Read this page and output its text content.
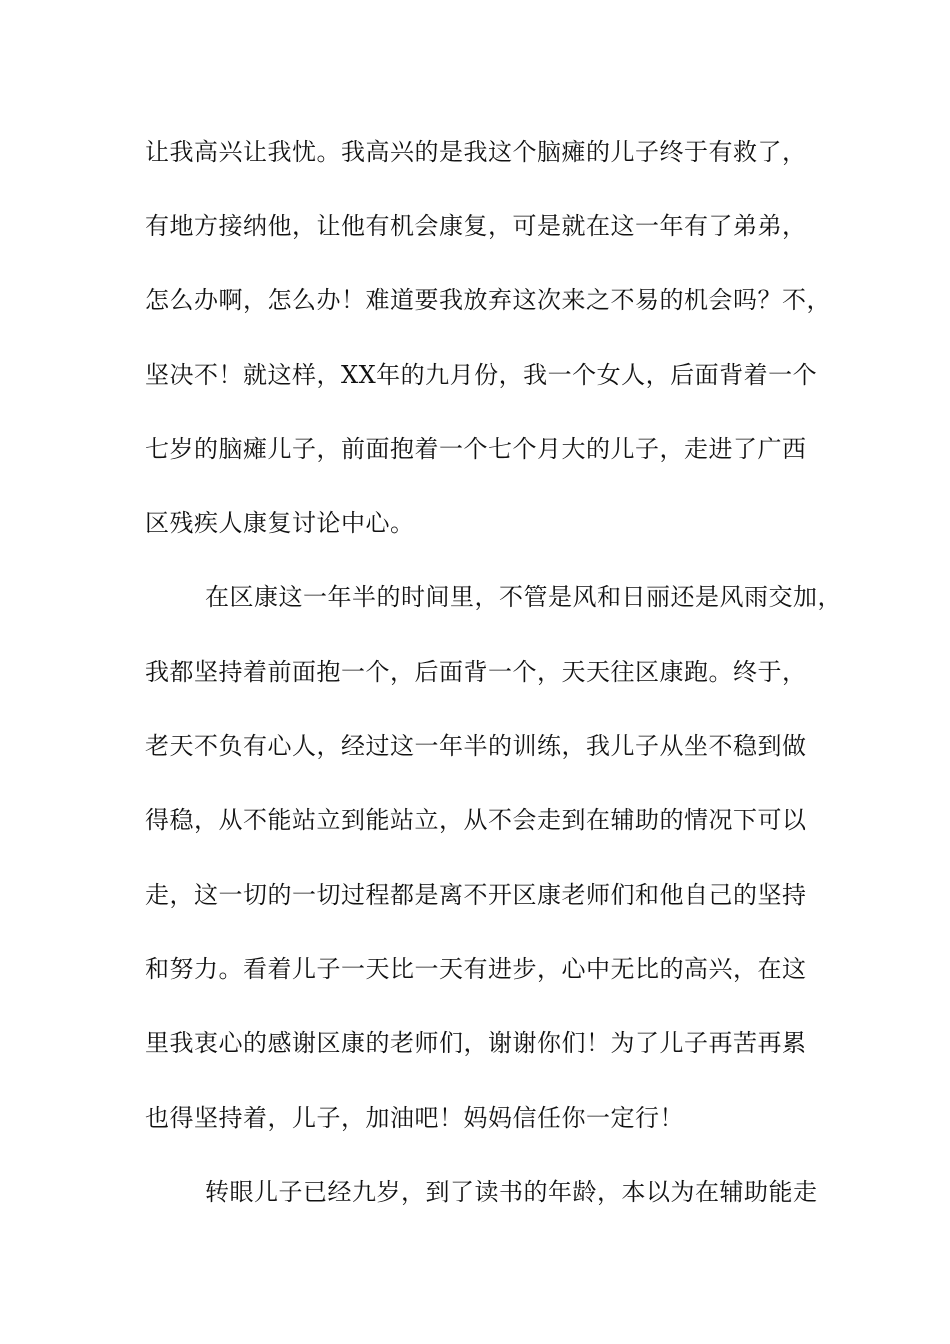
让我高兴让我忧。我高兴的是我这个脑瘫的儿子终于有救了，
有地方接纳他，让他有机会康复，可是就在这一年有了弟弟，
怎么办啊，怎么办！难道要我放弃这次来之不易的机会吗？不，
坚决不！就这样，XX年的九月份，我一个女人，后面背着一个
七岁的脑瘫儿子，前面抱着一个七个月大的儿子，走进了广西
区残疾人康复讨论中心。
在区康这一年半的时间里，不管是风和日丽还是风雨交加，
我都坚持着前面抱一个，后面背一个，天天往区康跑。终于，
老天不负有心人，经过这一年半的训练，我儿子从坐不稳到做
得稳，从不能站立到能站立，从不会走到在辅助的情况下可以
走，这一切的一切过程都是离不开区康老师们和他自己的坚持
和努力。看着儿子一天比一天有进步，心中无比的高兴，在这
里我衷心的感谢区康的老师们，谢谢你们！为了儿子再苦再累
也得坚持着，儿子，加油吧！妈妈信任你一定行！
转眼儿子已经九岁，到了读书的年龄，本以为在辅助能走
